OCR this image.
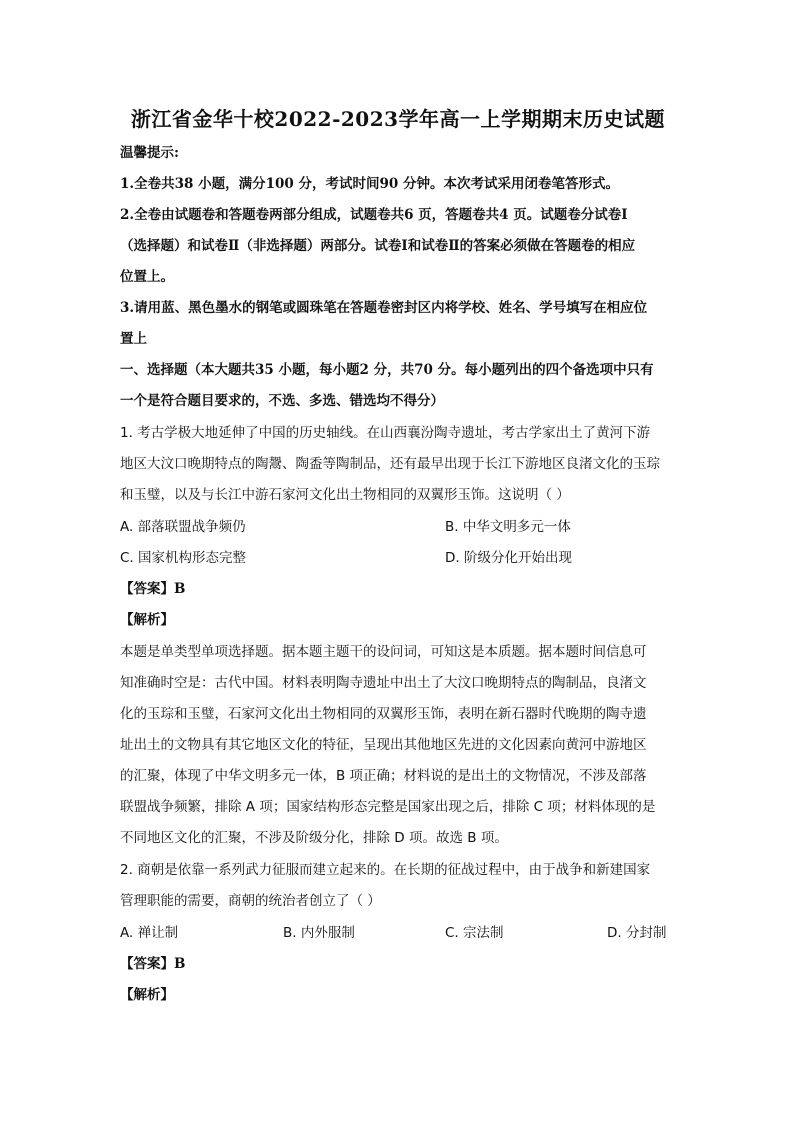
浙江省金华十校2022-2023学年高一上学期期末历史试题
温馨提示:
1.全卷共38 小题，满分100 分，考试时间90 分钟。本次考试采用闭卷笔答形式。
2.全卷由试题卷和答题卷两部分组成，试题卷共6 页，答题卷共4 页。试题卷分试卷Ⅰ
（选择题）和试卷Ⅱ（非选择题）两部分。试卷Ⅰ和试卷Ⅱ的答案必须做在答题卷的相应
位置上。
3.请用蓝、黑色墨水的钢笔或圆珠笔在答题卷密封区内将学校、姓名、学号填写在相应位
置上
一、选择题（本大题共35 小题，每小题2 分，共70 分。每小题列出的四个备选项中只有
一个是符合题目要求的，不选、多选、错选均不得分）
1. 考古学极大地延伸了中国的历史轴线。在山西襄汾陶寺遗址，考古学家出土了黄河下游
地区大汶口晚期特点的陶鬶、陶盉等陶制品，还有最早出现于长江下游地区良渚文化的玉琮
和玉璧，以及与长江中游石家河文化出土物相同的双翼形玉饰。这说明（ ）
A. 部落联盟战争频仍	B. 中华文明多元一体
C. 国家机构形态完整	D. 阶级分化开始出现
【答案】B
【解析】
本题是单类型单项选择题。据本题主题干的设问词，可知这是本质题。据本题时间信息可
知准确时空是：古代中国。材料表明陶寺遗址中出土了大汶口晚期特点的陶制品，良渚文
化的玉琮和玉璧，石家河文化出土物相同的双翼形玉饰，表明在新石器时代晚期的陶寺遗
址出土的文物具有其它地区文化的特征，呈现出其他地区先进的文化因素向黄河中游地区
的汇聚，体现了中华文明多元一体，B 项正确；材料说的是出土的文物情况，不涉及部落
联盟战争频繁，排除 A 项；国家结构形态完整是国家出现之后，排除 C 项；材料体现的是
不同地区文化的汇聚，不涉及阶级分化，排除 D 项。故选 B 项。
2. 商朝是依靠一系列武力征服而建立起来的。在长期的征战过程中，由于战争和新建国家
管理职能的需要，商朝的统治者创立了（ ）
A. 禅让制	B. 内外服制	C. 宗法制	D. 分封制
【答案】B
【解析】
